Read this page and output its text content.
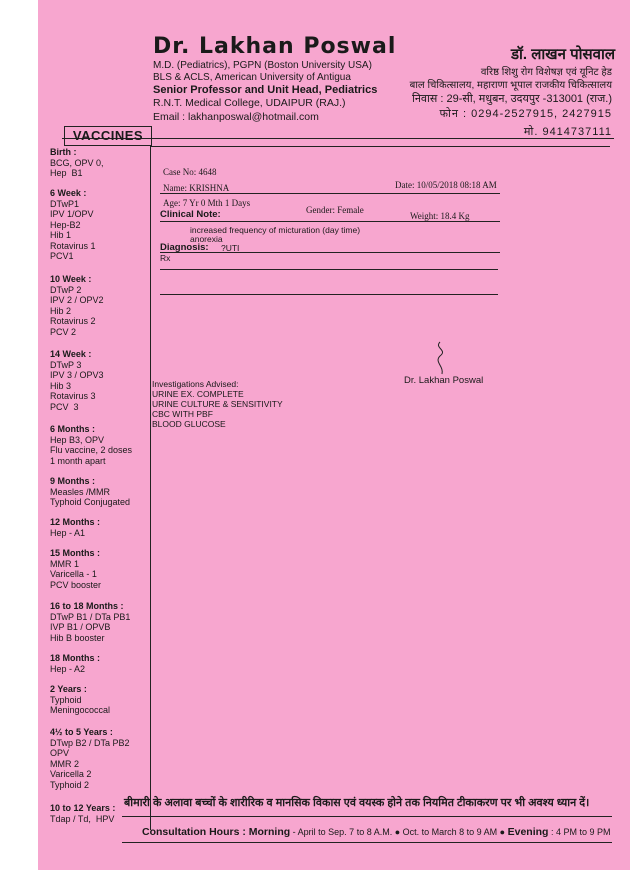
Dr. Lakhan Poswal
M.D. (Pediatrics), PGPN (Boston University USA)
BLS & ACLS, American University of Antigua
Senior Professor and Unit Head, Pediatrics
R.N.T. Medical College, UDAIPUR (RAJ.)
Email : lakhanposwal@hotmail.com
डॉ. लाखन पोसवाल
वरिष्ठ शिशु रोग विशेषज्ञ एवं यूनिट हेड
बाल चिकित्सालय, महाराणा भूपाल राजकीय चिकित्सालय
निवास : 29-सी, मधुबन, उदयपुर -313001 (राज.)
फोन : 0294-2527915, 2427915
मो. 9414737111
VACCINES
Birth :
BCG, OPV 0,
Hep  B1
6 Week :
DTwP1
IPV 1/OPV
Hep-B2
Hib 1
Rotavirus 1
PCV1
10 Week :
DTwP 2
IPV 2 / OPV2
Hib 2
Rotavirus 2
PCV 2
14 Week :
DTwP 3
IPV 3 / OPV3
Hib 3
Rotavirus 3
PCV  3
6 Months :
Hep B3, OPV
Flu vaccine, 2 doses
1 month apart
9 Months :
Measles /MMR
Typhoid Conjugated
12 Months :
Hep - A1
15 Months :
MMR 1
Varicella - 1
PCV booster
16 to 18 Months :
DTwP B1 / DTa PB1
IVP B1 / OPVB
Hib B booster
18 Months :
Hep - A2
2 Years :
Typhoid
Meningococcal
4½ to 5 Years :
DTwp B2 / DTa PB2
OPV
MMR 2
Varicella 2
Typhoid 2
10 to 12 Years :
Tdap / Td,  HPV
Case No: 4648
Date: 10/05/2018 08:18 AM
Name: KRISHNA
Age: 7 Yr 0 Mth 1 Days
Gender: Female
Weight: 18.4 Kg
Clinical Note:
increased frequency of micturation (day time)
anorexia
Diagnosis: ?UTI
Rx
Dr. Lakhan Poswal
Investigations Advised:
URINE EX. COMPLETE
URINE CULTURE & SENSITIVITY
CBC WITH PBF
BLOOD GLUCOSE
बीमारी के अलावा बच्चों के शारीरिक व मानसिक विकास एवं वयस्क होने तक नियमित टीकाकरण पर भी अवश्य ध्यान दें।
Consultation Hours : Morning - April to Sep. 7 to 8 A.M. ● Oct. to March 8 to 9 AM ● Evening : 4 PM to 9 PM
